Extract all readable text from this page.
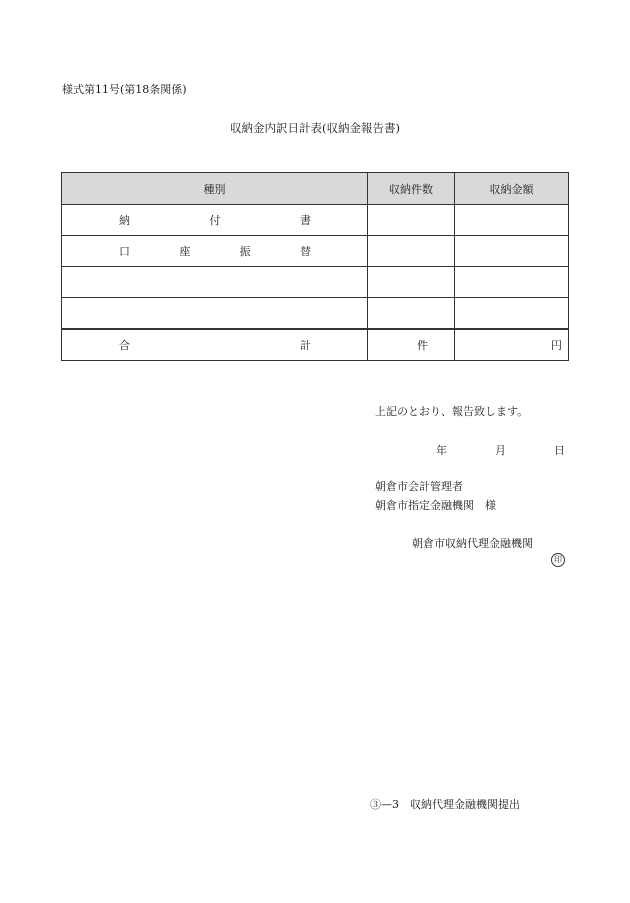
様式第11号(第18条関係)
収納金内訳日計表(収納金報告書)
種別	収納件数	収納金額

納 付 書		

口 座 振 替		

合 計	件	円
上記のとおり、報告致します。
年	月	日
朝倉市会計管理者
朝倉市指定金融機関　様
朝倉市収納代理金融機関
印
③—3　収納代理金融機関提出
